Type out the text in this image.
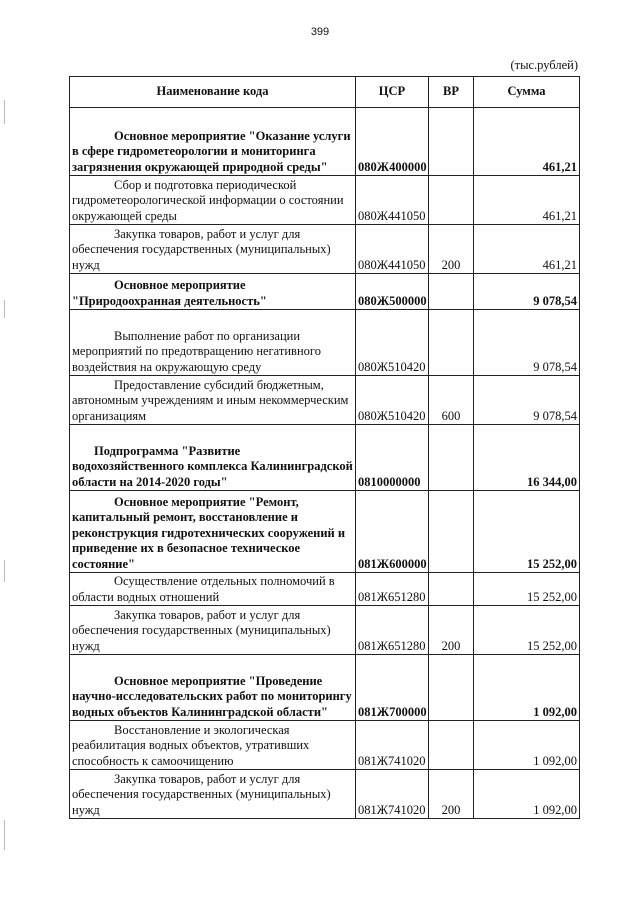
399
(тыс.рублей)
Наименование кода	ЦСР	ВР	Сумма
Основное мероприятие "Оказание услуги в сфере гидрометеорологии и мониторинга загрязнения окружающей природной среды"	080Ж400000		461,21
Сбор и подготовка периодической гидрометеорологической информации о состоянии окружающей среды	080Ж441050		461,21
Закупка товаров, работ и услуг для обеспечения государственных (муниципальных) нужд	080Ж441050	200	461,21
Основное мероприятие "Природоохранная деятельность"	080Ж500000		9 078,54
Выполнение работ по организации мероприятий по предотвращению негативного воздействия на окружающую среду	080Ж510420		9 078,54
Предоставление субсидий бюджетным, автономным учреждениям и иным некоммерческим организациям	080Ж510420	600	9 078,54
Подпрограмма "Развитие водохозяйственного комплекса Калининградской области на 2014-2020 годы"	0810000000		16 344,00
Основное мероприятие "Ремонт, капитальный ремонт, восстановление и реконструкция гидротехнических сооружений и приведение их в безопасное техническое состояние"	081Ж600000		15 252,00
Осуществление отдельных полномочий в области водных отношений	081Ж651280		15 252,00
Закупка товаров, работ и услуг для обеспечения государственных (муниципальных) нужд	081Ж651280	200	15 252,00
Основное мероприятие "Проведение научно-исследовательских работ по мониторингу водных объектов Калининградской области"	081Ж700000		1 092,00
Восстановление и экологическая реабилитация водных объектов, утративших способность к самоочищению	081Ж741020		1 092,00
Закупка товаров, работ и услуг для обеспечения государственных (муниципальных) нужд	081Ж741020	200	1 092,00
